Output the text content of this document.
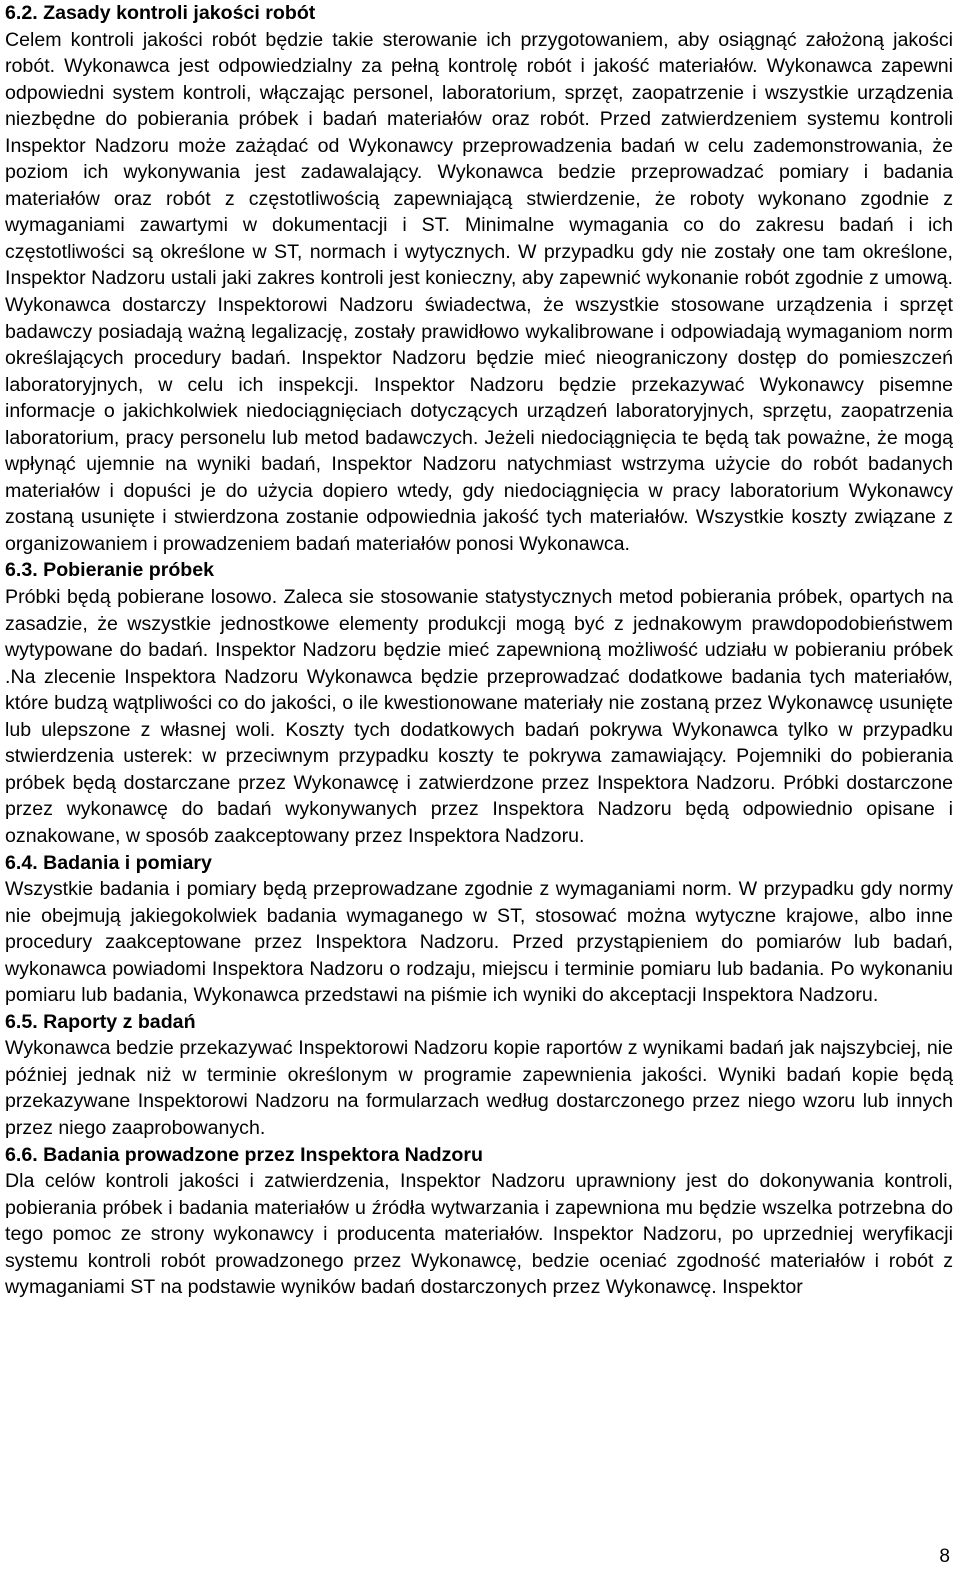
6.2. Zasady kontroli jakości robót

Celem kontroli jakości robót będzie takie sterowanie ich przygotowaniem, aby osiągnąć założoną jakości robót. Wykonawca jest odpowiedzialny za pełną kontrolę robót i jakość materiałów. Wykonawca zapewni odpowiedni system kontroli, włączając personel, laboratorium, sprzęt, zaopatrzenie i wszystkie urządzenia niezbędne do pobierania próbek i badań materiałów oraz robót. Przed zatwierdzeniem systemu kontroli Inspektor Nadzoru może zażądać od Wykonawcy przeprowadzenia badań w celu zademonstrowania, że poziom ich wykonywania jest zadawalający. Wykonawca bedzie przeprowadzać pomiary i badania materiałów oraz robót z częstotliwością zapewniającą stwierdzenie, że roboty wykonano zgodnie z wymaganiami zawartymi w dokumentacji i ST. Minimalne wymagania co do zakresu badań i ich częstotliwości są określone w ST, normach i wytycznych. W przypadku gdy nie zostały one tam określone, Inspektor Nadzoru ustali jaki zakres kontroli jest konieczny, aby zapewnić wykonanie robót zgodnie z umową. Wykonawca dostarczy Inspektorowi Nadzoru świadectwa, że wszystkie stosowane urządzenia i sprzęt badawczy posiadają ważną legalizację, zostały prawidłowo wykalibrowane i odpowiadają wymaganiom norm określających procedury badań. Inspektor Nadzoru będzie mieć nieograniczony dostęp do pomieszczeń laboratoryjnych, w celu ich inspekcji. Inspektor Nadzoru będzie przekazywać Wykonawcy pisemne informacje o jakichkolwiek niedociągnięciach dotyczących urządzeń laboratoryjnych, sprzętu, zaopatrzenia laboratorium, pracy personelu lub metod badawczych. Jeżeli niedociągnięcia te będą tak poważne, że mogą wpłynąć ujemnie na wyniki badań, Inspektor Nadzoru natychmiast wstrzyma użycie do robót badanych materiałów i dopuści je do użycia dopiero wtedy, gdy niedociągnięcia w pracy laboratorium Wykonawcy zostaną usunięte i stwierdzona zostanie odpowiednia jakość tych materiałów. Wszystkie koszty związane z organizowaniem i prowadzeniem badań materiałów ponosi Wykonawca.

6.3. Pobieranie próbek

Próbki będą pobierane losowo. Zaleca sie stosowanie statystycznych metod pobierania próbek, opartych na zasadzie, że wszystkie jednostkowe elementy produkcji mogą być z jednakowym prawdopodobieństwem wytypowane do badań. Inspektor Nadzoru będzie mieć zapewnioną możliwość udziału w pobieraniu próbek .Na zlecenie Inspektora Nadzoru Wykonawca będzie przeprowadzać dodatkowe badania tych materiałów, które budzą wątpliwości co do jakości, o ile kwestionowane materiały nie zostaną przez Wykonawcę usunięte lub ulepszone z własnej woli. Koszty tych dodatkowych badań pokrywa Wykonawca tylko w przypadku stwierdzenia usterek: w przeciwnym przypadku koszty te pokrywa zamawiający. Pojemniki do pobierania próbek będą dostarczane przez Wykonawcę i zatwierdzone przez Inspektora Nadzoru. Próbki dostarczone przez wykonawcę do badań wykonywanych przez Inspektora Nadzoru będą odpowiednio opisane i oznakowane, w sposób zaakceptowany przez Inspektora Nadzoru.

6.4. Badania i pomiary

Wszystkie badania i pomiary będą przeprowadzane zgodnie z wymaganiami norm. W przypadku gdy normy nie obejmują jakiegokolwiek badania wymaganego w ST, stosować można wytyczne krajowe, albo inne procedury zaakceptowane przez Inspektora Nadzoru. Przed przystąpieniem do pomiarów lub badań, wykonawca powiadomi Inspektora Nadzoru o rodzaju, miejscu i terminie pomiaru lub badania. Po wykonaniu pomiaru lub badania, Wykonawca przedstawi na piśmie ich wyniki do akceptacji Inspektora Nadzoru.

6.5. Raporty z badań

Wykonawca bedzie przekazywać Inspektorowi Nadzoru kopie raportów z wynikami badań jak najszybciej, nie później jednak niż w terminie określonym w programie zapewnienia jakości. Wyniki badań kopie będą przekazywane Inspektorowi Nadzoru na formularzach według dostarczonego przez niego wzoru lub innych przez niego zaaprobowanych.

6.6. Badania prowadzone przez Inspektora Nadzoru

Dla celów kontroli jakości i zatwierdzenia, Inspektor Nadzoru uprawniony jest do dokonywania kontroli, pobierania próbek i badania materiałów u źródła wytwarzania i zapewniona mu będzie wszelka potrzebna do tego pomoc ze strony wykonawcy i producenta materiałów. Inspektor Nadzoru, po uprzedniej weryfikacji systemu kontroli robót prowadzonego przez Wykonawcę, bedzie oceniać zgodność materiałów i robót z wymaganiami ST na podstawie wyników badań dostarczonych przez Wykonawcę. Inspektor

8
